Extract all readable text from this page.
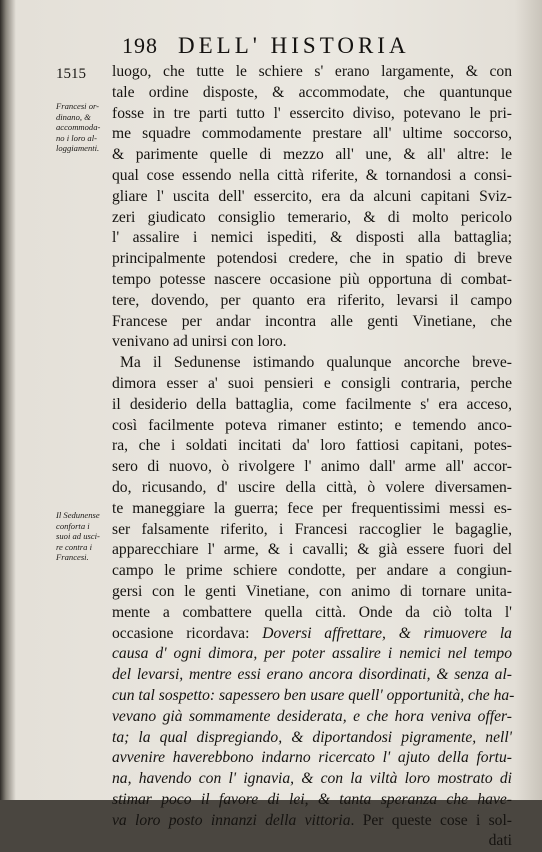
198 DELL' HISTORIA
1515
Francesi or-
dinano, &
accommoda-
no i loro al-
loggiamenti.
Il Sedunense
conforta i
suoi ad usci-
re contra i
Francesi.
luogo, che tutte le schiere s' erano largamente, & con
tale ordine disposte, & accommodate, che quantunque
fosse in tre parti tutto l' essercito diviso, potevano le pri-
me squadre commodamente prestare all' ultime soccorso,
& parimente quelle di mezzo all' une, & all' altre: le
qual cose essendo nella città riferite, & tornandosi a consi-
gliare l' uscita dell' essercito, era da alcuni capitani Sviz-
zeri giudicato consiglio temerario, & di molto pericolo
l' assalire i nemici ispediti, & disposti alla battaglia;
principalmente potendosi credere, che in spatio di breve
tempo potesse nascere occasione più opportuna di combat-
tere, dovendo, per quanto era riferito, levarsi il campo
Francese per andar incontra alle genti Vinetiane, che
venivano ad unirsi con loro.
Ma il Sedunense istimando qualunque ancorche breve-
dimora esser a' suoi pensieri e consigli contraria, perche
il desiderio della battaglia, come facilmente s' era acceso,
così facilmente poteva rimaner estinto; e temendo anco-
ra, che i soldati incitati da' loro fattiosi capitani, potes-
sero di nuovo, ò rivolgere l' animo dall' arme all' accor-
do, ricusando, d' uscire della città, ò volere diversamen-
te maneggiare la guerra; fece per frequentissimi messi es-
ser falsamente riferito, i Francesi raccoglier le bagaglie,
apparecchiare l' arme, & i cavalli; & già essere fuori del
campo le prime schiere condotte, per andare a congiun-
gersi con le genti Vinetiane, con animo di tornare unita-
mente a combattere quella città. Onde da ciò tolta l'
occasione ricordava: Doversi affrettare, & rimuovere la
causa d' ogni dimora, per poter assalire i nemici nel tempo
del levarsi, mentre essi erano ancora disordinati, & senza al-
cun tal sospetto: sapessero ben usare quell' opportunità, che ha-
vevano già sommamente desiderata, e che hora veniva offer-
ta; la qual dispregiando, & diportandosi pigramente, nell'
avvenire haverebbono indarno ricercato l' ajuto della fortu-
na, havendo con l' ignavia, & con la viltà loro mostrato di
stimar poco il favore di lei, & tanta speranza che have-
va loro posto innanzi della vittoria. Per queste cose i sol-
dati
